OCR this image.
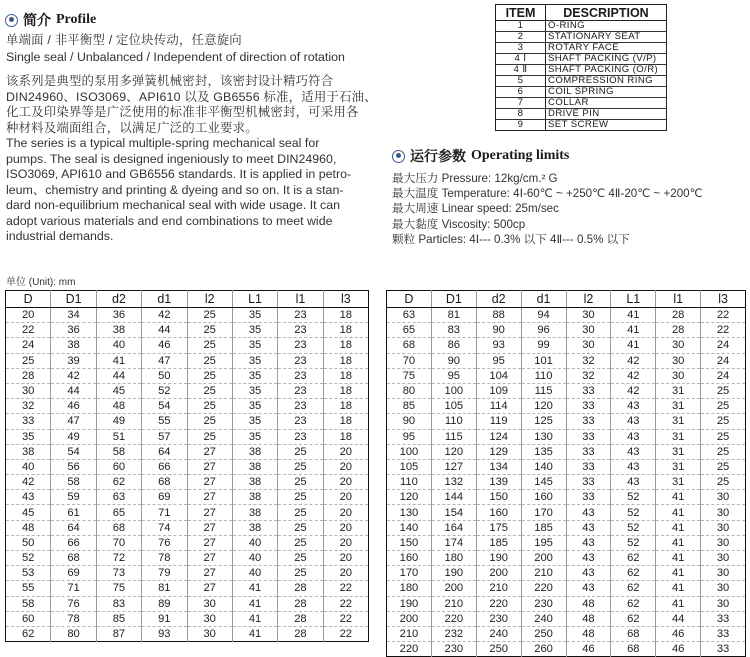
简介 Profile
单端面 / 非平衡型 / 定位块传动，任意旋向
Single seal / Unbalanced / Independent of direction of rotation
该系列是典型的泵用多弹簧机械密封，该密封设计精巧符合
DIN24960、ISO3069、API610 以及 GB6556 标准，适用于石油、
化工及印染界等是广泛使用的标准非平衡型机械密封，可采用各
种材料及端面组合，以满足广泛的工业要求。
The series is a typical multiple-spring mechanical seal for
pumps. The seal is designed ingeniously to meet DIN24960,
ISO3069, API610 and GB6556 standards. It is applied in petro-
leum、chemistry and printing & dyeing and so on. It is a stan-
dard non-equilibrium mechanical seal with wide usage. It can
adopt various materials and end combinations to meet wide
industrial demands.
ITEM	DESCRIPTION
1	O-RING
2	STATIONARY SEAT
3	ROTARY FACE
4 Ⅰ	SHAFT PACKING (V/P)
4 Ⅱ	SHAFT PACKING (O/R)
5	COMPRESSION RING
6	COIL SPRING
7	COLLAR
8	DRIVE PIN
9	SET SCREW
运行参数 Operating limits
最大压力 Pressure: 12kg/cm.² G
最大温度 Temperature: 4Ⅰ-60℃ ~ +250℃ 4Ⅱ-20℃ ~ +200℃
最大周速 Linear speed: 25m/sec
最大黏度 Viscosity: 500cp
颗粒 Particles: 4Ⅰ--- 0.3% 以下 4Ⅱ--- 0.5% 以下
单位 (Unit): mm
D	D1	d2	d1	l2	L1	l1	l3
20	34	36	42	25	35	23	18
22	36	38	44	25	35	23	18
24	38	40	46	25	35	23	18
25	39	41	47	25	35	23	18
28	42	44	50	25	35	23	18
30	44	45	52	25	35	23	18
32	46	48	54	25	35	23	18
33	47	49	55	25	35	23	18
35	49	51	57	25	35	23	18
38	54	58	64	27	38	25	20
40	56	60	66	27	38	25	20
42	58	62	68	27	38	25	20
43	59	63	69	27	38	25	20
45	61	65	71	27	38	25	20
48	64	68	74	27	38	25	20
50	66	70	76	27	40	25	20
52	68	72	78	27	40	25	20
53	69	73	79	27	40	25	20
55	71	75	81	27	41	28	22
58	76	83	89	30	41	28	22
60	78	85	91	30	41	28	22
62	80	87	93	30	41	28	22
D	D1	d2	d1	l2	L1	l1	l3
63	81	88	94	30	41	28	22
65	83	90	96	30	41	28	22
68	86	93	99	30	41	30	24
70	90	95	101	32	42	30	24
75	95	104	110	32	42	30	24
80	100	109	115	33	42	31	25
85	105	114	120	33	43	31	25
90	110	119	125	33	43	31	25
95	115	124	130	33	43	31	25
100	120	129	135	33	43	31	25
105	127	134	140	33	43	31	25
110	132	139	145	33	43	31	25
120	144	150	160	33	52	41	30
130	154	160	170	43	52	41	30
140	164	175	185	43	52	41	30
150	174	185	195	43	52	41	30
160	180	190	200	43	62	41	30
170	190	200	210	43	62	41	30
180	200	210	220	43	62	41	30
190	210	220	230	48	62	41	30
200	220	230	240	48	62	44	33
210	232	240	250	48	68	46	33
220	230	250	260	46	68	46	33
